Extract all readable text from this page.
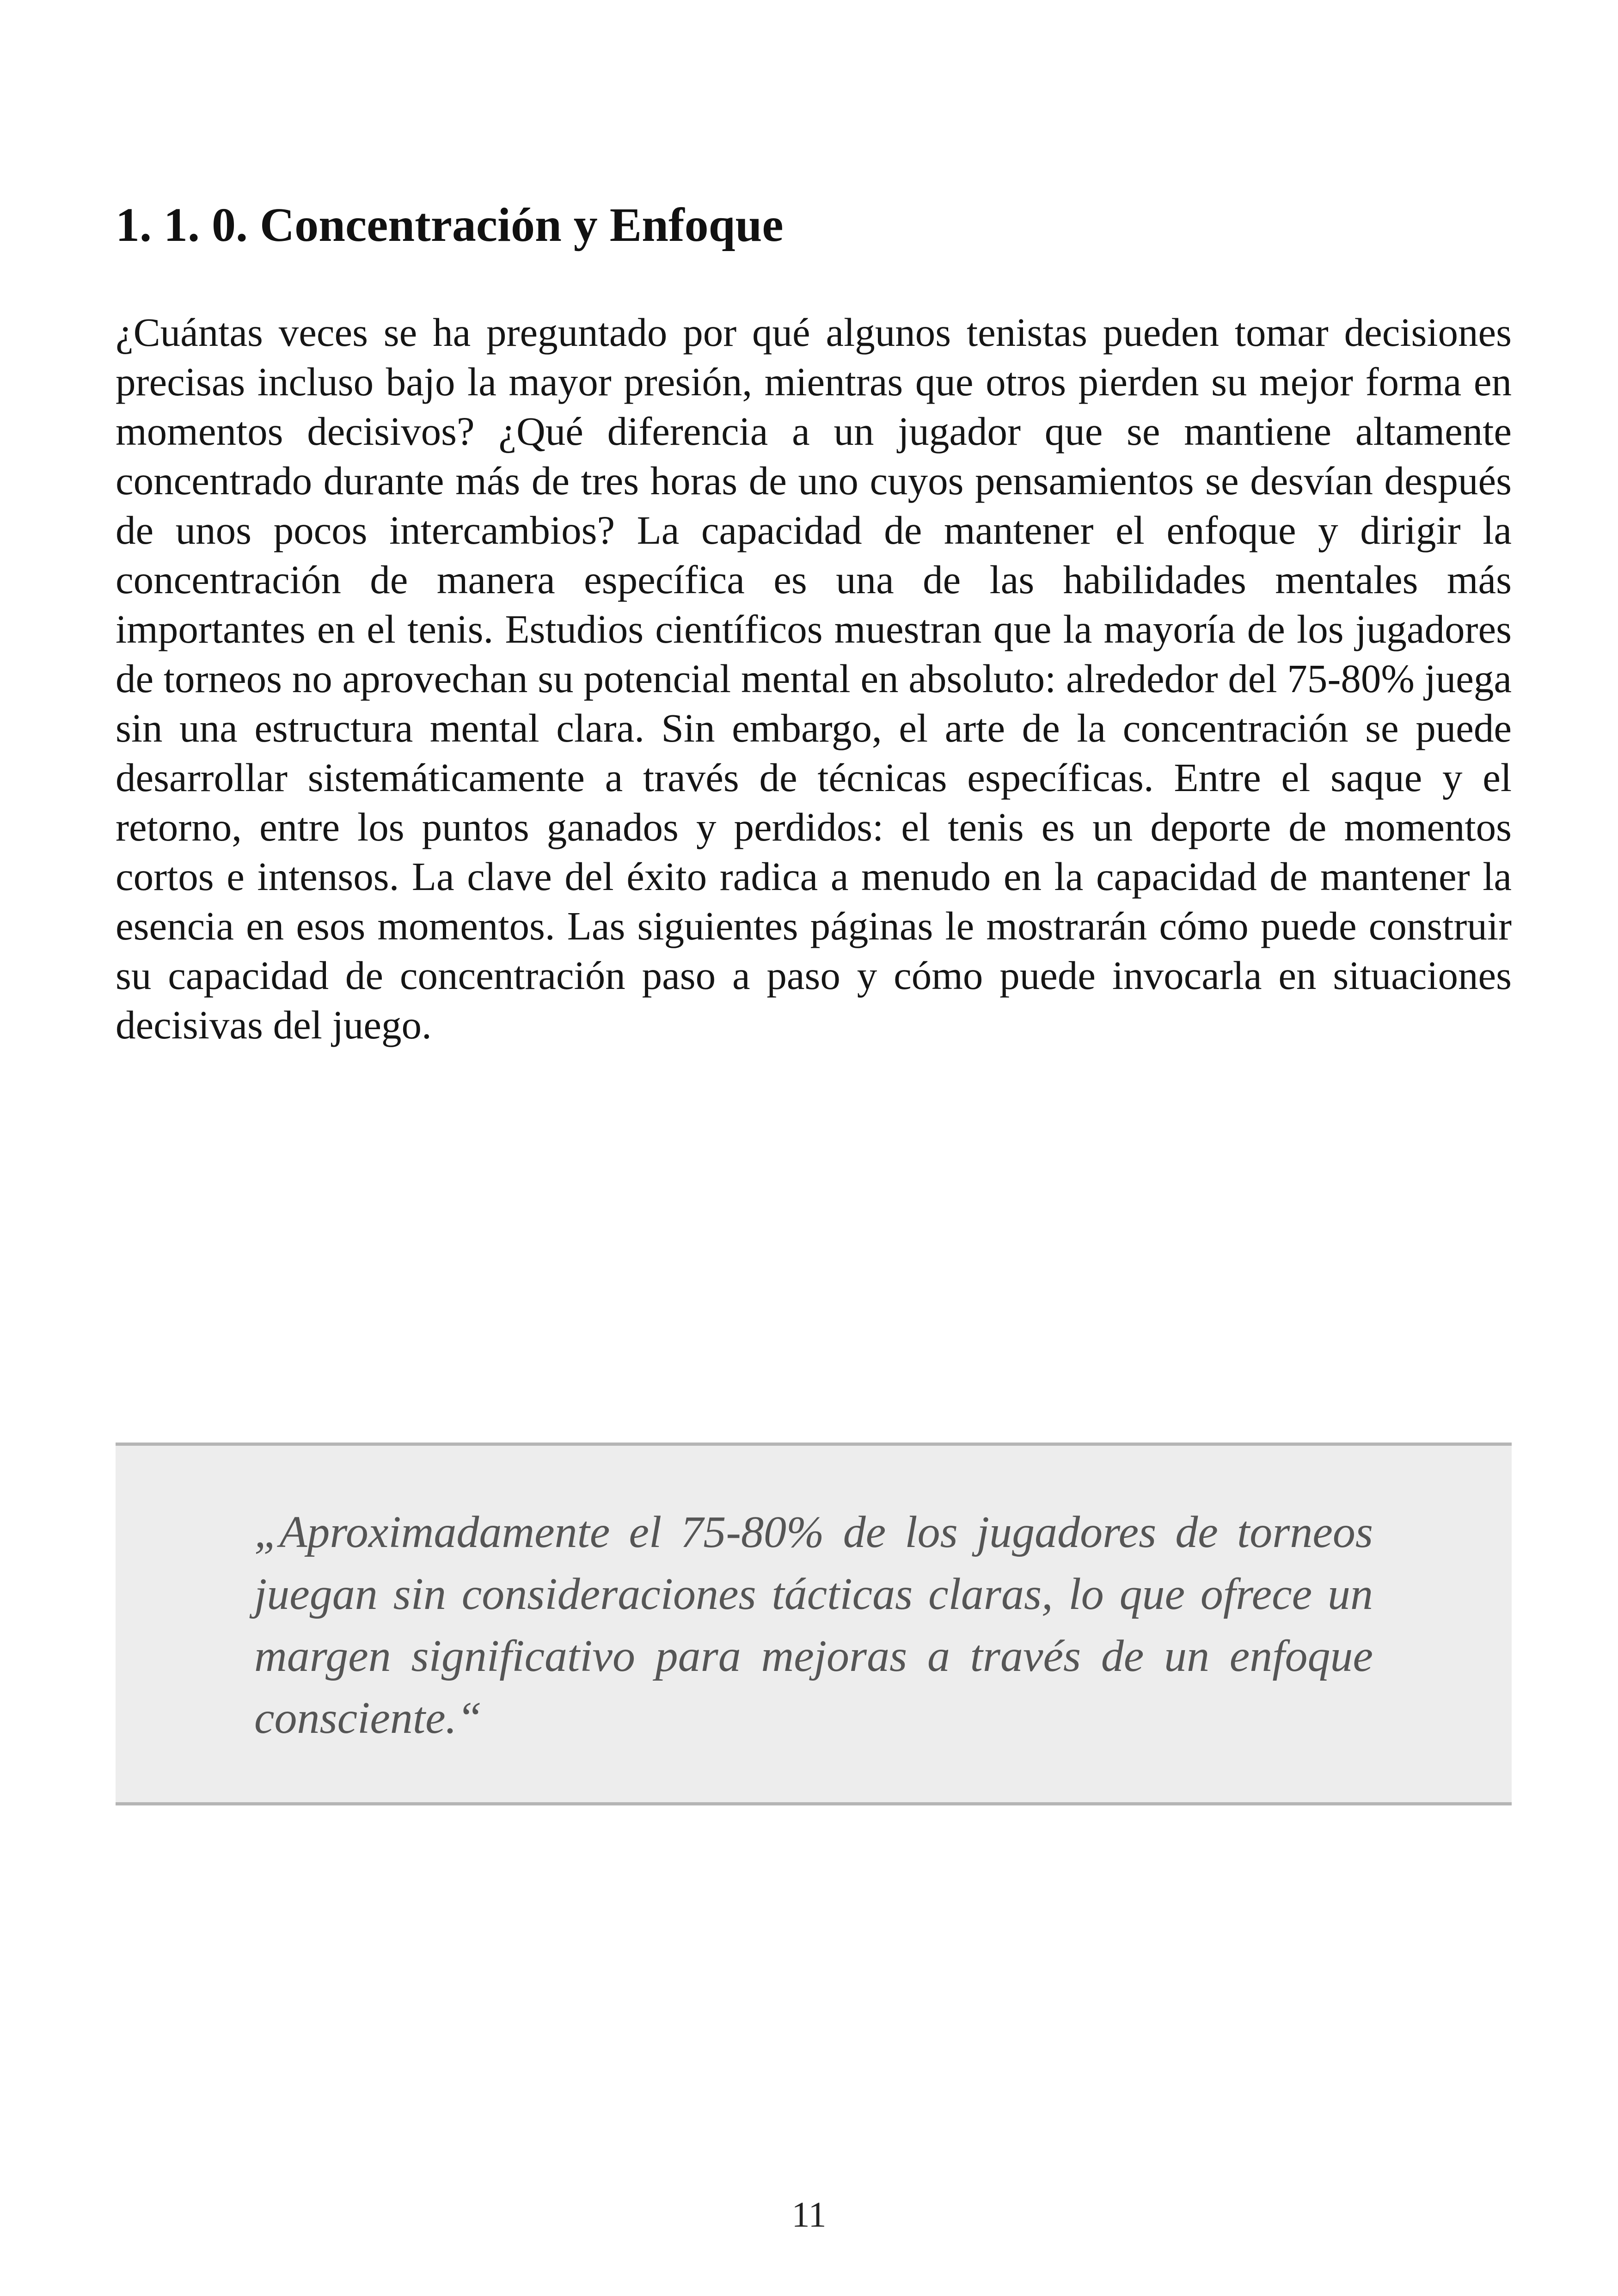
1. 1. 0. Concentración y Enfoque

¿Cuántas veces se ha preguntado por qué algunos tenistas pueden tomar decisiones precisas incluso bajo la mayor presión, mientras que otros pierden su mejor forma en momentos decisivos? ¿Qué diferencia a un jugador que se mantiene altamente concentrado durante más de tres horas de uno cuyos pensamientos se desvían después de unos pocos intercambios? La capacidad de mantener el enfoque y dirigir la concentración de manera específica es una de las habilidades mentales más importantes en el tenis. Estudios científicos muestran que la mayoría de los jugadores de torneos no aprovechan su potencial mental en absoluto: alrededor del 75-80% juega sin una estructura mental clara. Sin embargo, el arte de la concentración se puede desarrollar sistemáticamente a través de técnicas específicas. Entre el saque y el retorno, entre los puntos ganados y perdidos: el tenis es un deporte de momentos cortos e intensos. La clave del éxito radica a menudo en la capacidad de mantener la esencia en esos momentos. Las siguientes páginas le mostrarán cómo puede construir su capacidad de concentración paso a paso y cómo puede invocarla en situaciones decisivas del juego.

„Aproximadamente el 75-80% de los jugadores de torneos juegan sin consideraciones tácticas claras, lo que ofrece un margen significativo para mejoras a través de un enfoque consciente.“

11
